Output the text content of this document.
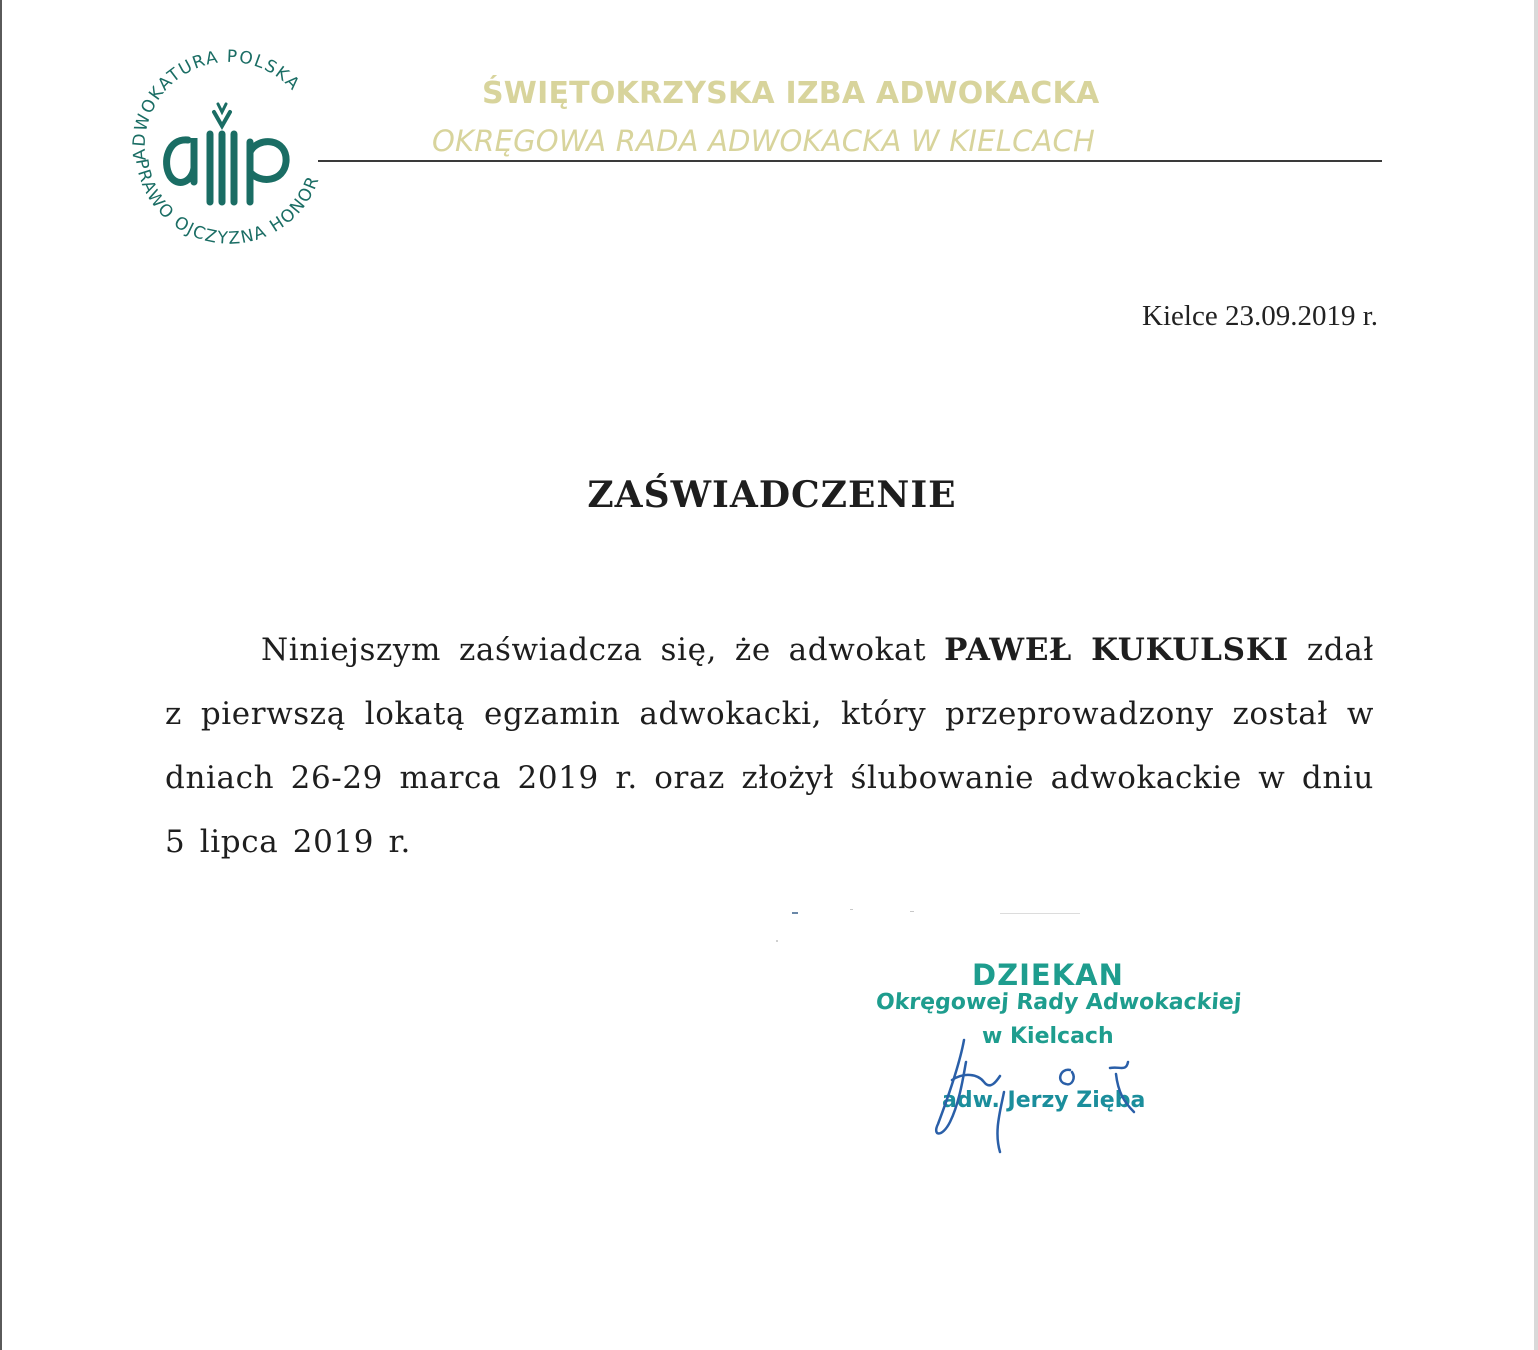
ADWOKATURA POLSKA
PRAWO OJCZYZNA HONOR
ŚWIĘTOKRZYSKA IZBA ADWOKACKA
OKRĘGOWA RADA ADWOKACKA W KIELCACH
Kielce 23.09.2019 r.
ZAŚWIADCZENIE

Niniejszym zaświadcza się, że adwokat PAWEŁ KUKULSKI zdał z pierwszą lokatą egzamin adwokacki, który przeprowadzony został w dniach 26-29 marca 2019 r. oraz złożył ślubowanie adwokackie w dniu 5 lipca 2019 r.

DZIEKAN
Okręgowej Rady Adwokackiej
w Kielcach
adw. Jerzy Zięba
